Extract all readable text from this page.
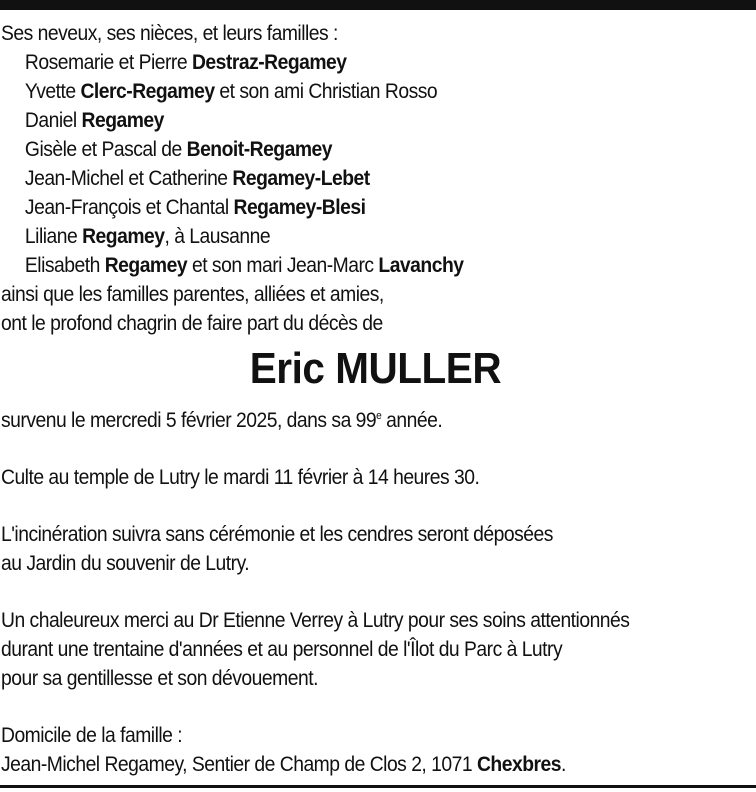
Ses neveux, ses nièces, et leurs familles :
Rosemarie et Pierre Destraz-Regamey
Yvette Clerc-Regamey et son ami Christian Rosso
Daniel Regamey
Gisèle et Pascal de Benoit-Regamey
Jean-Michel et Catherine Regamey-Lebet
Jean-François et Chantal Regamey-Blesi
Liliane Regamey, à Lausanne
Elisabeth Regamey et son mari Jean-Marc Lavanchy
ainsi que les familles parentes, alliées et amies,
ont le profond chagrin de faire part du décès de
Eric MULLER
survenu le mercredi 5 février 2025, dans sa 99e année.
Culte au temple de Lutry le mardi 11 février à 14 heures 30.
L'incinération suivra sans cérémonie et les cendres seront déposées
au Jardin du souvenir de Lutry.
Un chaleureux merci au Dr Etienne Verrey à Lutry pour ses soins attentionnés
durant une trentaine d'années et au personnel de l'Îlot du Parc à Lutry
pour sa gentillesse et son dévouement.
Domicile de la famille :
Jean-Michel Regamey, Sentier de Champ de Clos 2, 1071 Chexbres.
